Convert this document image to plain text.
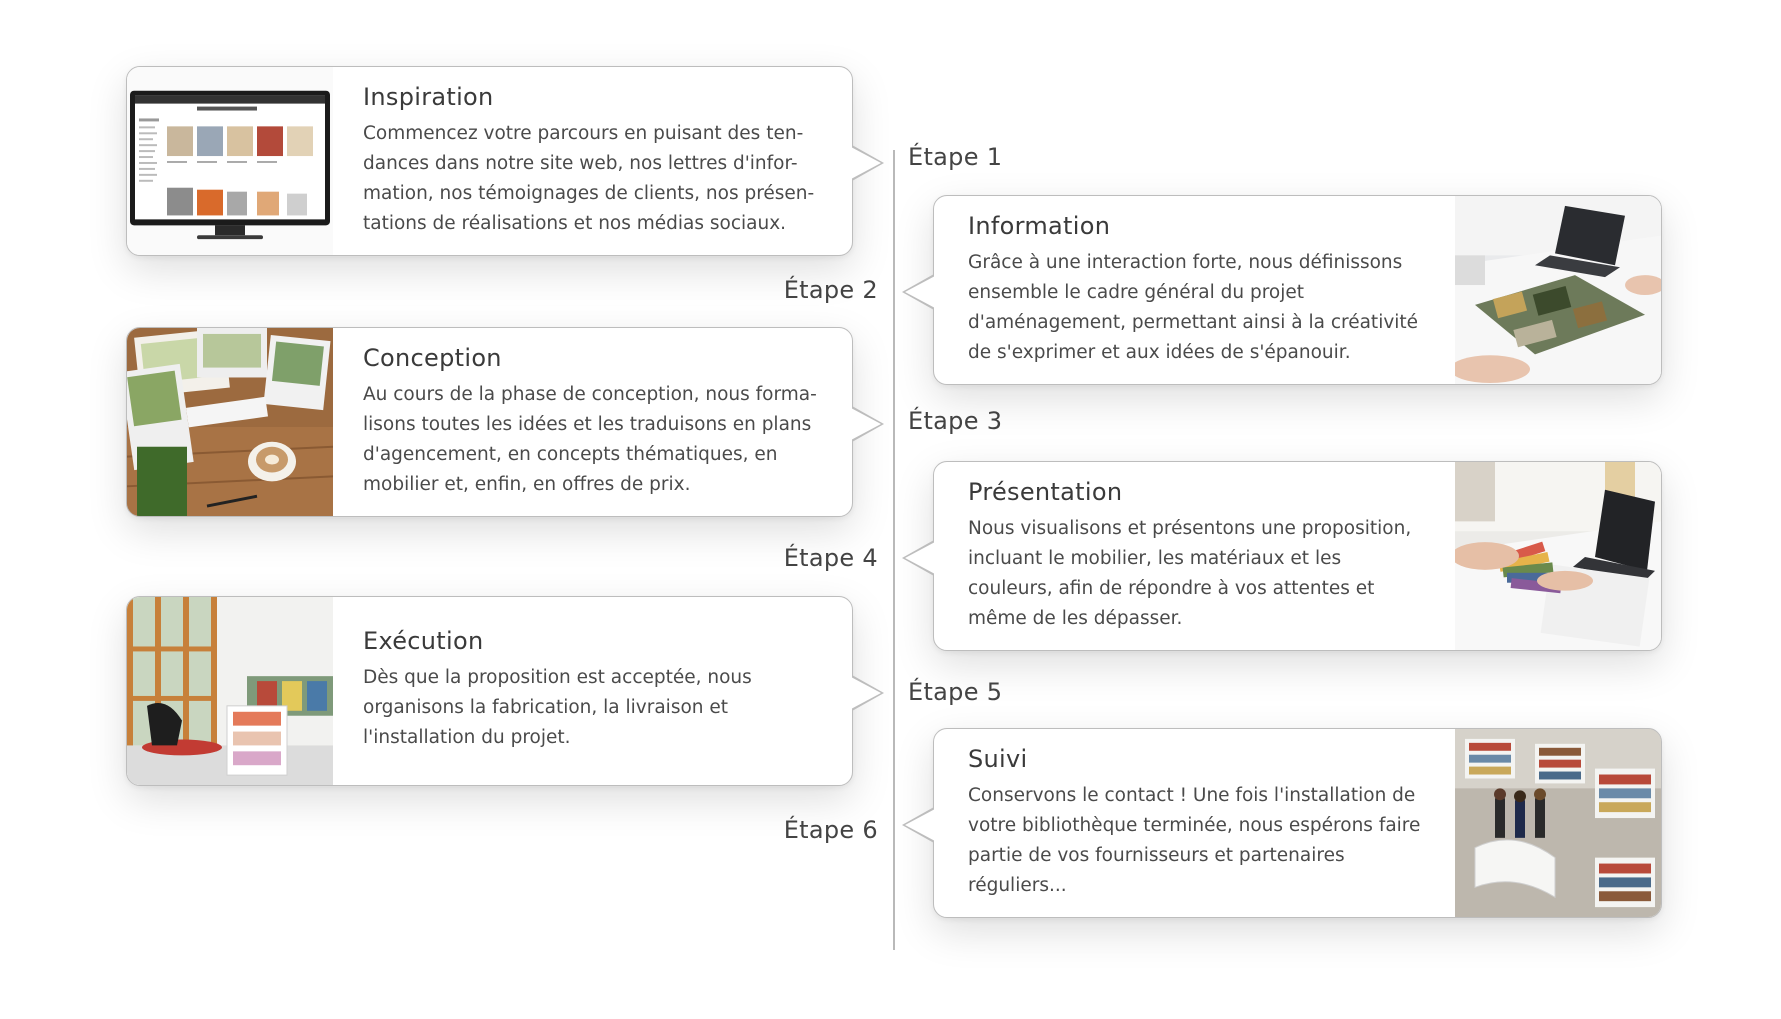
Étape 1
Étape 2
Étape 3
Étape 4
Étape 5
Étape 6
Inspiration

Commencez votre parcours en puisant des ten-
dances dans notre site web, nos lettres d'infor-
mation, nos témoignages de clients, nos présen-
tations de réalisations et nos médias sociaux.	Information

Grâce à une interaction forte, nous définissons
ensemble le cadre général du projet
d'aménagement, permettant ainsi à la créativité
de s'exprimer et aux idées de s'épanouir.

Conception

Au cours de la phase de conception, nous forma-
lisons toutes les idées et les traduisons en plans
d'agencement, en concepts thématiques, en
mobilier et, enfin, en offres de prix.	Présentation

Nous visualisons et présentons une proposition,
incluant le mobilier, les matériaux et les
couleurs, afin de répondre à vos attentes et
même de les dépasser.

Exécution

Dès que la proposition est acceptée, nous
organisons la fabrication, la livraison et
l'installation du projet.

Suivi

Conservons le contact ! Une fois l'installation de
votre bibliothèque terminée, nous espérons faire
partie de vos fournisseurs et partenaires
réguliers...
